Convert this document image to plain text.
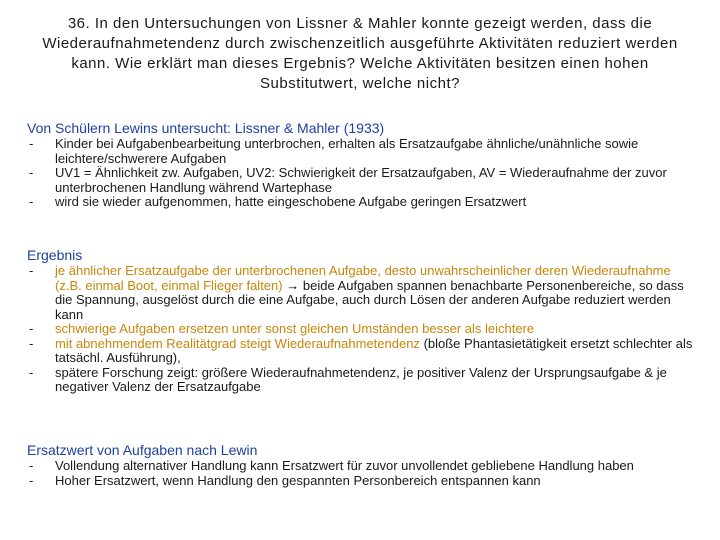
36. In den Untersuchungen von Lissner & Mahler konnte gezeigt werden, dass die Wiederaufnahmetendenz durch zwischenzeitlich ausgeführte Aktivitäten reduziert werden kann. Wie erklärt man dieses Ergebnis? Welche Aktivitäten besitzen einen hohen Substitutwert, welche nicht?

Von Schülern Lewins untersucht: Lissner & Mahler (1933)

- Kinder bei Aufgabenbearbeitung unterbrochen, erhalten als Ersatzaufgabe ähnliche/unähnliche sowie leichtere/schwerere Aufgaben
- UV1 = Ähnlichkeit zw. Aufgaben, UV2: Schwierigkeit der Ersatzaufgaben, AV = Wiederaufnahme der zuvor unterbrochenen Handlung während Wartephase
- wird sie wieder aufgenommen, hatte eingeschobene Aufgabe geringen Ersatzwert

Ergebnis

- je ähnlicher Ersatzaufgabe der unterbrochenen Aufgabe, desto unwahrscheinlicher deren Wiederaufnahme (z.B. einmal Boot, einmal Flieger falten) → beide Aufgaben spannen benachbarte Personenbereiche, so dass die Spannung, ausgelöst durch die eine Aufgabe, auch durch Lösen der anderen Aufgabe reduziert werden kann
- schwierige Aufgaben ersetzen unter sonst gleichen Umständen besser als leichtere
- mit abnehmendem Realitätgrad steigt Wiederaufnahmetendenz (bloße Phantasietätigkeit ersetzt schlechter als tatsächl. Ausführung),
- spätere Forschung zeigt: größere Wiederaufnahmetendenz, je positiver Valenz der Ursprungsaufgabe & je negativer Valenz der Ersatzaufgabe

Ersatzwert von Aufgaben nach Lewin

- Vollendung alternativer Handlung kann Ersatzwert für zuvor unvollendet gebliebene Handlung haben
- Hoher Ersatzwert, wenn Handlung den gespannten Personbereich entspannen kann
